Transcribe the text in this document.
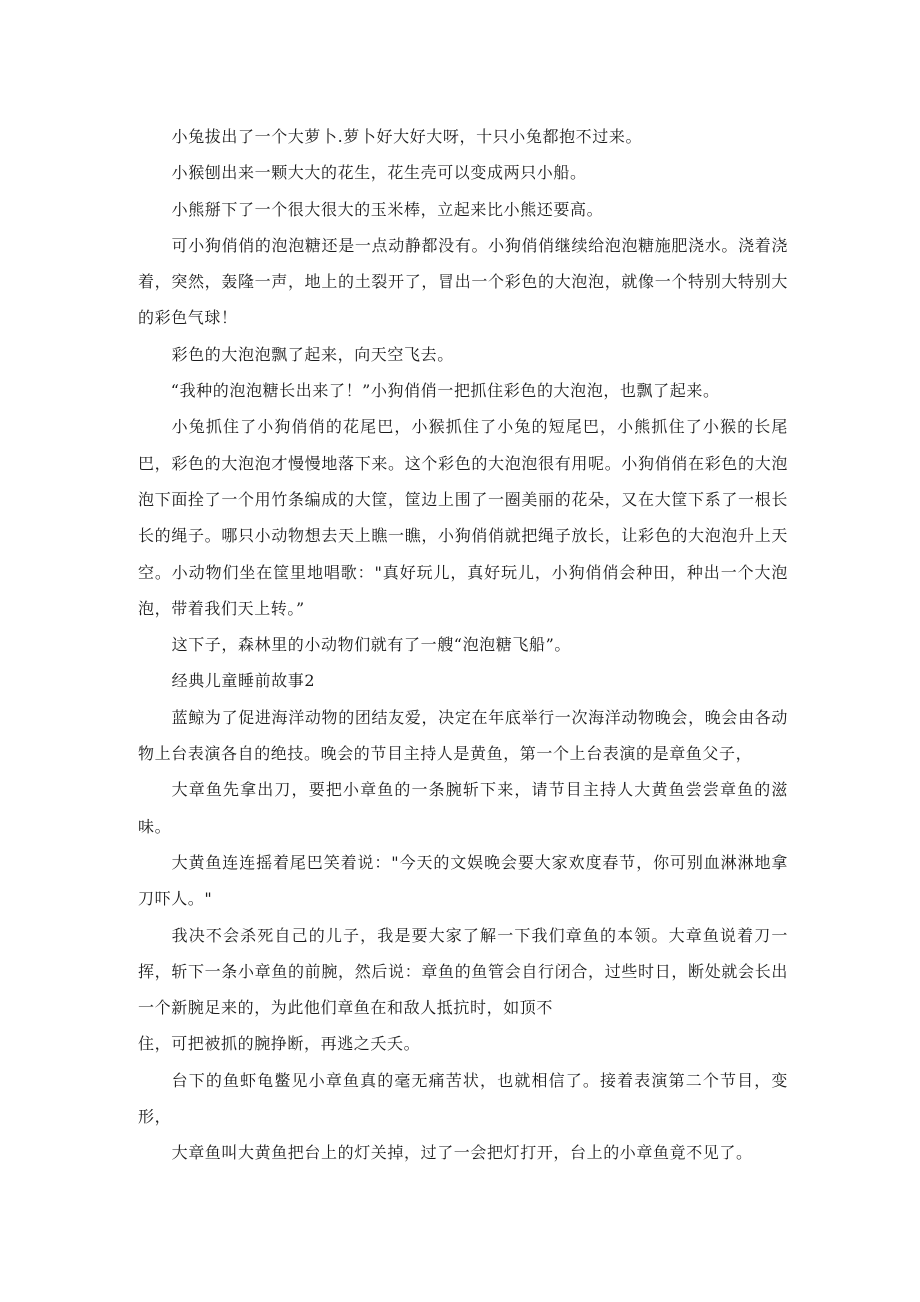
小兔拔出了一个大萝卜.萝卜好大好大呀，十只小兔都抱不过来。

小猴刨出来一颗大大的花生，花生壳可以变成两只小船。

小熊掰下了一个很大很大的玉米棒，立起来比小熊还要高。

可小狗俏俏的泡泡糖还是一点动静都没有。小狗俏俏继续给泡泡糖施肥浇水。浇着浇着，突然，轰隆一声，地上的土裂开了，冒出一个彩色的大泡泡，就像一个特别大特别大的彩色气球！

彩色的大泡泡飘了起来，向天空飞去。

“我种的泡泡糖长出来了！”小狗俏俏一把抓住彩色的大泡泡，也飘了起来。

小兔抓住了小狗俏俏的花尾巴，小猴抓住了小兔的短尾巴，小熊抓住了小猴的长尾巴，彩色的大泡泡才慢慢地落下来。这个彩色的大泡泡很有用呢。小狗俏俏在彩色的大泡泡下面拴了一个用竹条编成的大筐，筐边上围了一圈美丽的花朵，又在大筐下系了一根长长的绳子。哪只小动物想去天上瞧一瞧，小狗俏俏就把绳子放长，让彩色的大泡泡升上天空。小动物们坐在筐里地唱歌："真好玩儿，真好玩儿，小狗俏俏会种田，种出一个大泡泡，带着我们天上转。”

这下子，森林里的小动物们就有了一艘“泡泡糖飞船”。

经典儿童睡前故事2

蓝鲸为了促进海洋动物的团结友爱，决定在年底举行一次海洋动物晚会，晚会由各动物上台表演各自的绝技。晚会的节目主持人是黄鱼，第一个上台表演的是章鱼父子，

大章鱼先拿出刀，要把小章鱼的一条腕斩下来，请节目主持人大黄鱼尝尝章鱼的滋味。

大黄鱼连连摇着尾巴笑着说："今天的文娱晚会要大家欢度春节，你可别血淋淋地拿刀吓人。"

我决不会杀死自己的儿子，我是要大家了解一下我们章鱼的本领。大章鱼说着刀一挥，斩下一条小章鱼的前腕，然后说：章鱼的鱼管会自行闭合，过些时日，断处就会长出一个新腕足来的，为此他们章鱼在和敌人抵抗时，如顶不

住，可把被抓的腕挣断，再逃之夭夭。

台下的鱼虾龟鳖见小章鱼真的毫无痛苦状，也就相信了。接着表演第二个节目，变形，

大章鱼叫大黄鱼把台上的灯关掉，过了一会把灯打开，台上的小章鱼竟不见了。
